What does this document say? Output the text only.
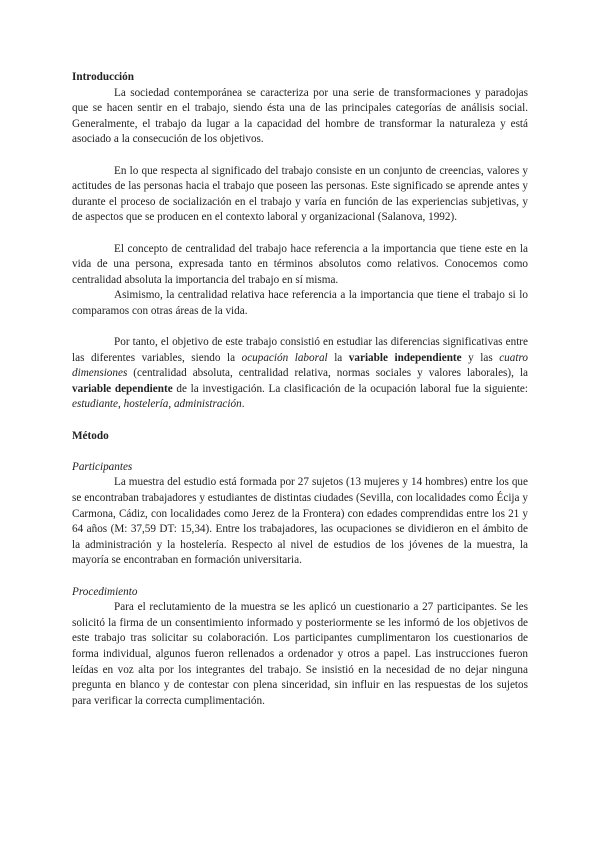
Introducción

La sociedad contemporánea se caracteriza por una serie de transformaciones y paradojas que se hacen sentir en el trabajo, siendo ésta una de las principales categorías de análisis social. Generalmente, el trabajo da lugar a la capacidad del hombre de transformar la naturaleza y está asociado a la consecución de los objetivos.

En lo que respecta al significado del trabajo consiste en un conjunto de creencias, valores y actitudes de las personas hacia el trabajo que poseen las personas. Este significado se aprende antes y durante el proceso de socialización en el trabajo y varía en función de las experiencias subjetivas, y de aspectos que se producen en el contexto laboral y organizacional (Salanova, 1992).

El concepto de centralidad del trabajo hace referencia a la importancia que tiene este en la vida de una persona, expresada tanto en términos absolutos como relativos. Conocemos como centralidad absoluta la importancia del trabajo en sí misma.

Asimismo, la centralidad relativa hace referencia a la importancia que tiene el trabajo si lo comparamos con otras áreas de la vida.

Por tanto, el objetivo de este trabajo consistió en estudiar las diferencias significativas entre las diferentes variables, siendo la ocupación laboral la variable independiente y las cuatro dimensiones (centralidad absoluta, centralidad relativa, normas sociales y valores laborales), la variable dependiente de la investigación. La clasificación de la ocupación laboral fue la siguiente: estudiante, hostelería, administración.

Método
Participantes

La muestra del estudio está formada por 27 sujetos (13 mujeres y 14 hombres) entre los que se encontraban trabajadores y estudiantes de distintas ciudades (Sevilla, con localidades como Écija y Carmona, Cádiz, con localidades como Jerez de la Frontera) con edades comprendidas entre los 21 y 64 años (M: 37,59 DT: 15,34). Entre los trabajadores, las ocupaciones se dividieron en el ámbito de la administración y la hostelería. Respecto al nivel de estudios de los jóvenes de la muestra, la mayoría se encontraban en formación universitaria.

Procedimiento

Para el reclutamiento de la muestra se les aplicó un cuestionario a 27 participantes. Se les solicitó la firma de un consentimiento informado y posteriormente se les informó de los objetivos de este trabajo tras solicitar su colaboración. Los participantes cumplimentaron los cuestionarios de forma individual, algunos fueron rellenados a ordenador y otros a papel. Las instrucciones fueron leídas en voz alta por los integrantes del trabajo. Se insistió en la necesidad de no dejar ninguna pregunta en blanco y de contestar con plena sinceridad, sin influir en las respuestas de los sujetos para verificar la correcta cumplimentación.
